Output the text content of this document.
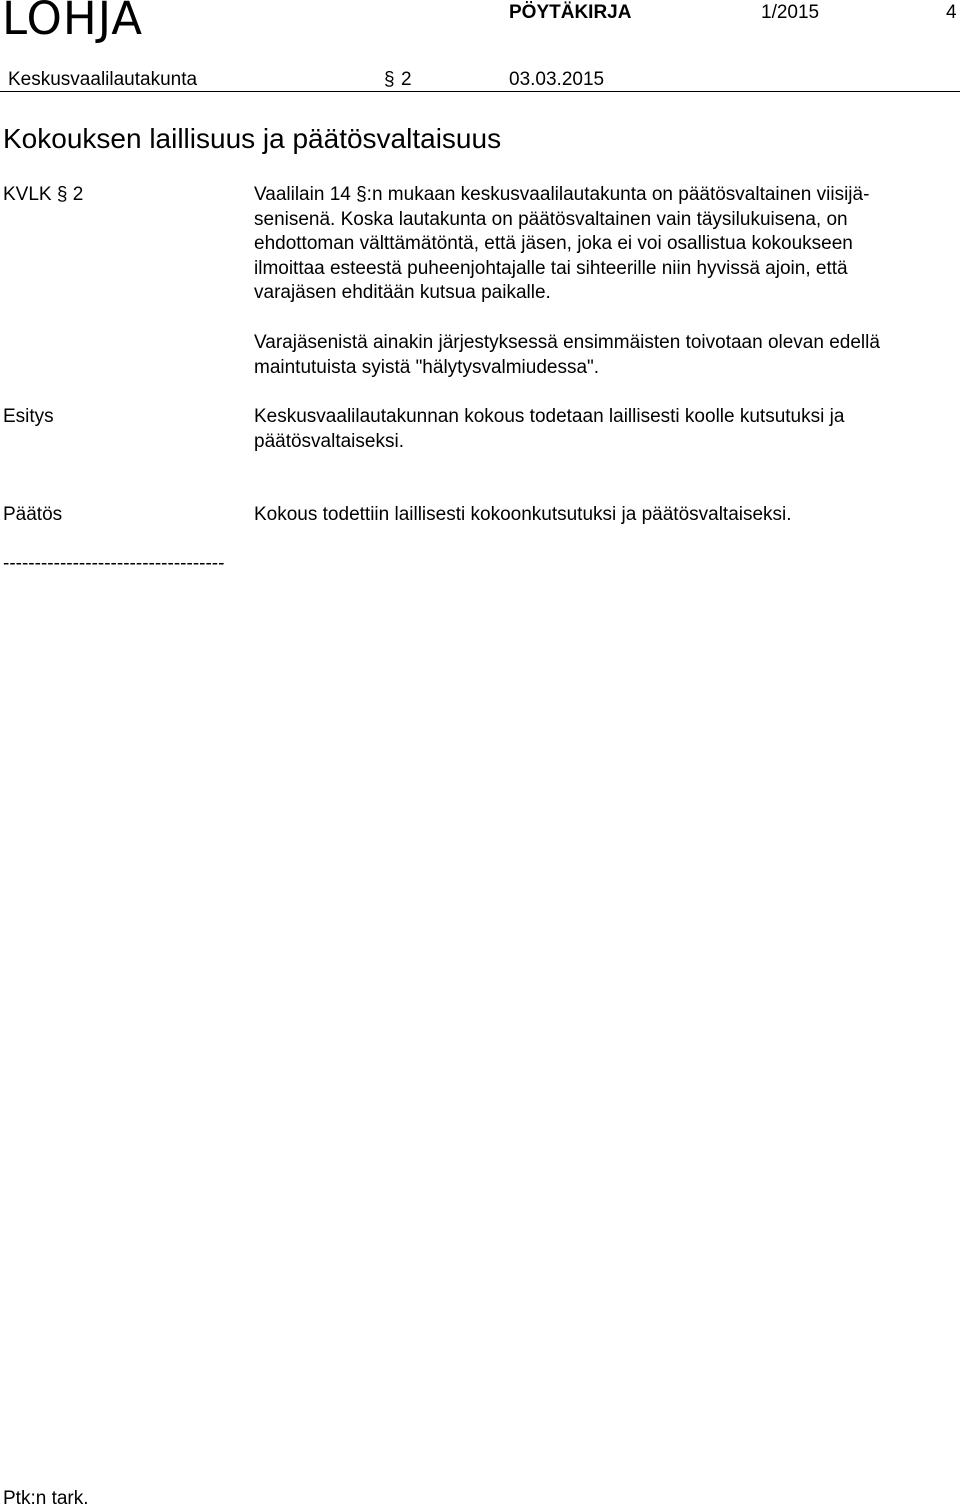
LOHJA	PÖYTÄKIRJA	1/2015	4
Keskusvaalilautakunta	§ 2	03.03.2015
Kokouksen laillisuus ja päätösvaltaisuus
KVLK § 2	Vaalilain 14 §:n mukaan keskusvaalilautakunta on päätösvaltainen viisijä-

senisenä. Koska lautakunta on päätösvaltainen vain täysilukuisena, on

ehdottoman välttämätöntä, että jäsen, joka ei voi osallistua kokoukseen

ilmoittaa esteestä puheenjohtajalle tai sihteerille niin hyvissä ajoin, että

varajäsen ehditään kutsua paikalle.

Varajäsenistä ainakin järjestyksessä ensimmäisten toivotaan olevan edellä

maintutuista syistä "hälytysvalmiudessa".

Esitys	Keskusvaalilautakunnan kokous todetaan laillisesti koolle kutsutuksi ja

päätösvaltaiseksi.

Päätös	Kokous todettiin laillisesti kokoonkutsutuksi ja päätösvaltaiseksi.
-----------------------------------
Ptk:n tark.
